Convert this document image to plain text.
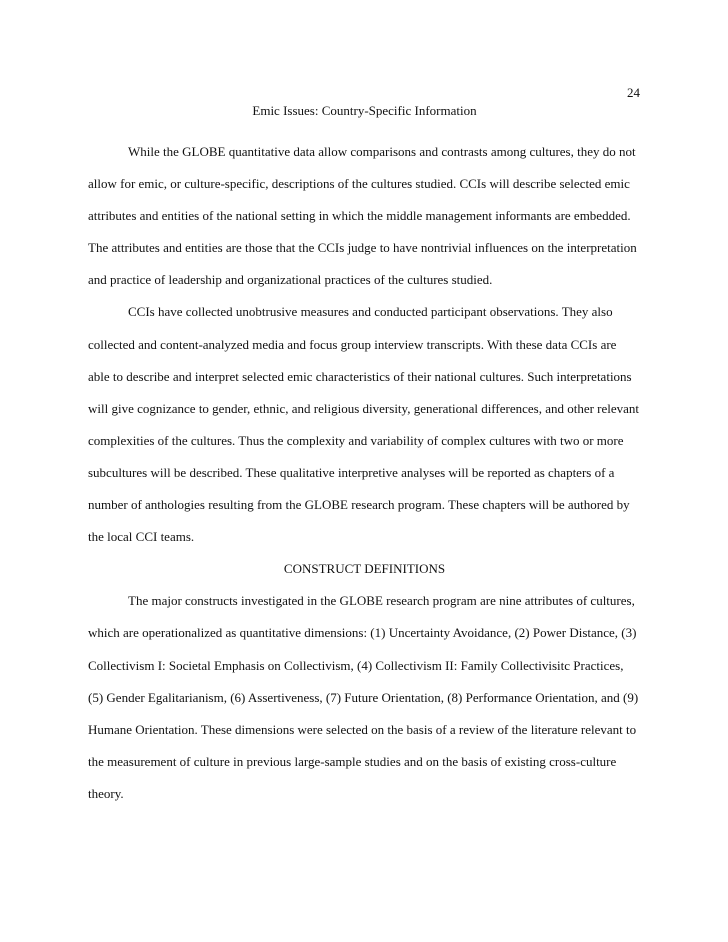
24
Emic Issues: Country-Specific Information

While the GLOBE quantitative data allow comparisons and contrasts among cultures, they do not allow for emic, or culture-specific, descriptions of the cultures studied. CCIs will describe selected emic attributes and entities of the national setting in which the middle management informants are embedded. The attributes and entities are those that the CCIs judge to have nontrivial influences on the interpretation and practice of leadership and organizational practices of the cultures studied.

CCIs have collected unobtrusive measures and conducted participant observations. They also collected and content-analyzed media and focus group interview transcripts. With these data CCIs are able to describe and interpret selected emic characteristics of their national cultures. Such interpretations will give cognizance to gender, ethnic, and religious diversity, generational differences, and other relevant complexities of the cultures. Thus the complexity and variability of complex cultures with two or more subcultures will be described. These qualitative interpretive analyses will be reported as chapters of a number of anthologies resulting from the GLOBE research program. These chapters will be authored by the local CCI teams.

CONSTRUCT DEFINITIONS

The major constructs investigated in the GLOBE research program are nine attributes of cultures, which are operationalized as quantitative dimensions: (1) Uncertainty Avoidance, (2) Power Distance, (3) Collectivism I: Societal Emphasis on Collectivism, (4) Collectivism II: Family Collectivisitc Practices, (5) Gender Egalitarianism, (6) Assertiveness, (7) Future Orientation, (8) Performance Orientation, and (9) Humane Orientation. These dimensions were selected on the basis of a review of the literature relevant to the measurement of culture in previous large-sample studies and on the basis of existing cross-culture theory.
